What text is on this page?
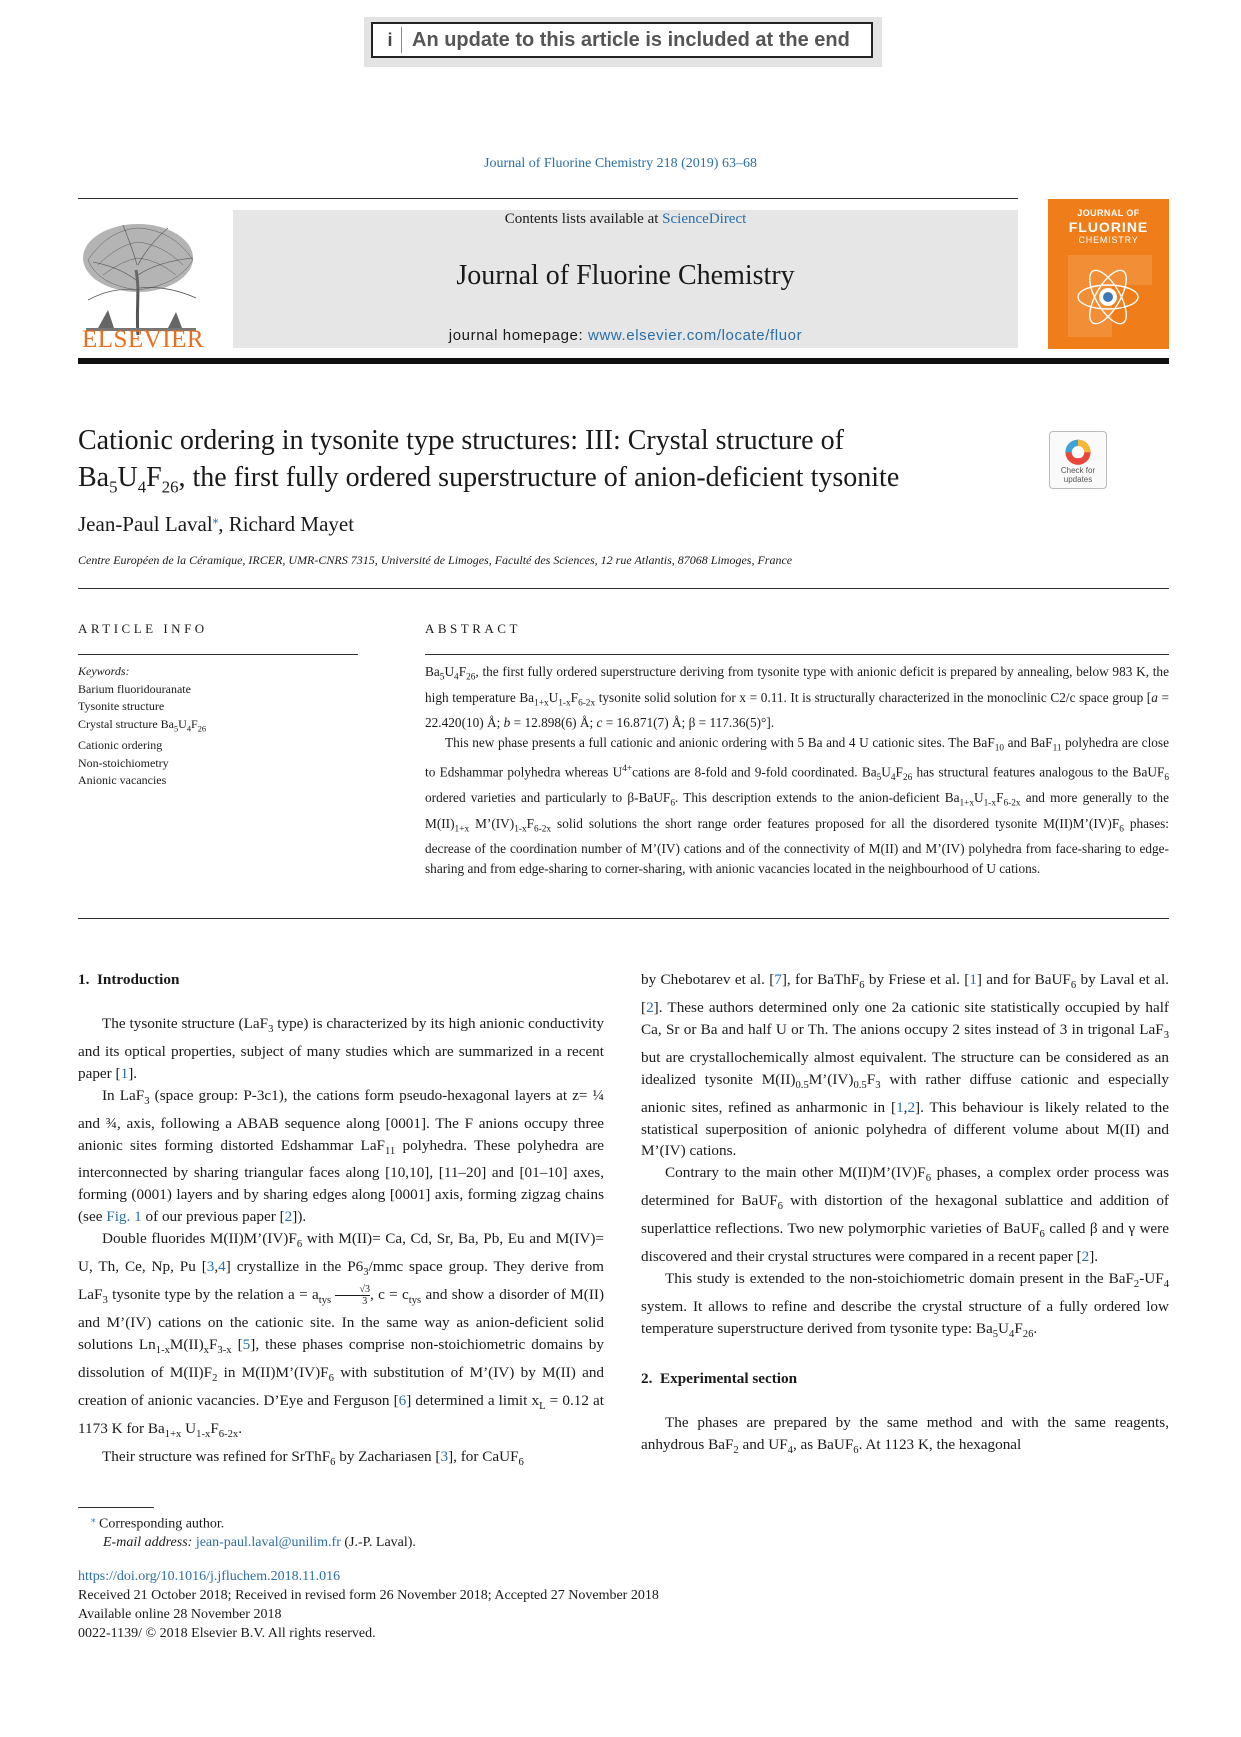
i An update to this article is included at the end
Journal of Fluorine Chemistry 218 (2019) 63–68
ELSEVIER
Contents lists available at ScienceDirect
Journal of Fluorine Chemistry
journal homepage: www.elsevier.com/locate/fluor
JOURNAL OF
FLUORINE
CHEMISTRY
Cationic ordering in tysonite type structures: III: Crystal structure of
$Ba_5U_4F_{26}$, the first fully ordered superstructure of anion-deficient tysonite	Check for
updates
Jean-Paul Laval⁎, Richard Mayet
Centre Européen de la Céramique, IRCER, UMR-CNRS 7315, Université de Limoges, Faculté des Sciences, 12 rue Atlantis, 87068 Limoges, France
ARTICLE INFO	ABSTRACT
Keywords:
Barium fluoridouranate
Tysonite structure
Crystal structure $Ba_5U_4F_{26}$
Cationic ordering
Non-stoichiometry
Anionic vacancies

$Ba_5U_4F_{26}$, the first fully ordered superstructure deriving from tysonite type with anionic deficit is prepared by annealing, below 983 K, the high temperature $Ba_{1+x}U_{1-x}F_{6-2x}$ tysonite solid solution for x = 0.11. It is structurally characterized in the monoclinic C2/c space group [a = 22.420(10) Å; b = 12.898(6) Å; c = 16.871(7) Å; β = 117.36(5)°].

This new phase presents a full cationic and anionic ordering with 5 Ba and 4 U cationic sites. The BaF$_{10}$ and BaF$_{11}$ polyhedra are close to Edshammar polyhedra whereas $U^{4+}cations$ are 8-fold and 9-fold coordinated. $Ba_5U_4F_{26}$ has structural features analogous to the BaUF$_6$ ordered varieties and particularly to β-BaUF$_6$. This description extends to the anion-deficient $Ba_{1+x}U_{1-x}F_{6-2x}$ and more generally to the $M(II)_{1+x}$ $M’(IV)_{1-x}F_{6-2x}$ solid solutions the short range order features proposed for all the disordered tysonite $M(II)M’(IV)F_6$ phases: decrease of the coordination number of M’(IV) cations and of the connectivity of M(II) and M’(IV) polyhedra from face-sharing to edge-sharing and from edge-sharing to corner-sharing, with anionic vacancies located in the neighbourhood of U cations.

1.  Introduction

The tysonite structure (LaF$_3$ type) is characterized by its high anionic conductivity and its optical properties, subject of many studies which are summarized in a recent paper [1].

In LaF$_3$ (space group: P-3c1), the cations form pseudo-hexagonal layers at z= ¼ and ¾, axis, following a ABAB sequence along [0001]. The F anions occupy three anionic sites forming distorted Edshammar LaF$_{11}$ polyhedra. These polyhedra are interconnected by sharing triangular faces along [10,10], [11–20] and [01–10] axes, forming (0001) layers and by sharing edges along [0001] axis, forming zigzag chains (see Fig. 1 of our previous paper [2]).

Double fluorides $M(II)M’(IV)F_6$ with M(II)= Ca, Cd, Sr, Ba, Pb, Eu and M(IV)= U, Th, Ce, Np, Pu [3,4] crystallize in the $P6_3$/mmc space group. They derive from LaF$_3$ tysonite type by the relation $a = a_{tys} \frac{√3}{3}$ , $c = c_{tys}$ and show a disorder of M(II) and M’(IV) cations on the cationic site. In the same way as anion-deficient solid solutions $Ln_{1-x}M(II)_xF_{3-x}$ [5], these phases comprise non-stoichiometric domains by dissolution of $M(II)F_2$ in $M(II)M’(IV)F_6$ with substitution of M’(IV) by M(II) and creation of anionic vacancies. D’Eye and Ferguson [6] determined a limit $x_L = 0.12$ at 1173 K for $Ba_{1+x}$ $U_{1-x}F_{6-2x}$.

Their structure was refined for SrThF$_6$ by Zachariasen [3], for CaUF$_6$

by Chebotarev et al. [7], for BaThF$_6$ by Friese et al. [1] and for BaUF$_6$ by Laval et al. [2]. These authors determined only one 2a cationic site statistically occupied by half Ca, Sr or Ba and half U or Th. The anions occupy 2 sites instead of 3 in trigonal LaF$_3$ but are crystallochemically almost equivalent. The structure can be considered as an idealized tysonite $M(II)_{0.5}M’(IV)_{0.5}F_3$ with rather diffuse cationic and especially anionic sites, refined as anharmonic in [1,2]. This behaviour is likely related to the statistical superposition of anionic polyhedra of different volume about M(II) and M’(IV) cations.

Contrary to the main other $M(II)M’(IV)F_6$ phases, a complex order process was determined for BaUF$_6$ with distortion of the hexagonal sublattice and addition of superlattice reflections. Two new polymorphic varieties of BaUF$_6$ called β and γ were discovered and their crystal structures were compared in a recent paper [2].

This study is extended to the non-stoichiometric domain present in the $BaF_2-UF_4$ system. It allows to refine and describe the crystal structure of a fully ordered low temperature superstructure derived from tysonite type: $Ba_5U_4F_{26}$.

2.  Experimental section

The phases are prepared by the same method and with the same reagents, anhydrous BaF$_2$ and $UF_4$, as BaUF$_6$. At 1123 K, the hexagonal

⁎ Corresponding author.
E-mail address: jean-paul.laval@unilim.fr (J.-P. Laval).
https://doi.org/10.1016/j.jfluchem.2018.11.016
Received 21 October 2018; Received in revised form 26 November 2018; Accepted 27 November 2018
Available online 28 November 2018
0022-1139/ © 2018 Elsevier B.V. All rights reserved.
